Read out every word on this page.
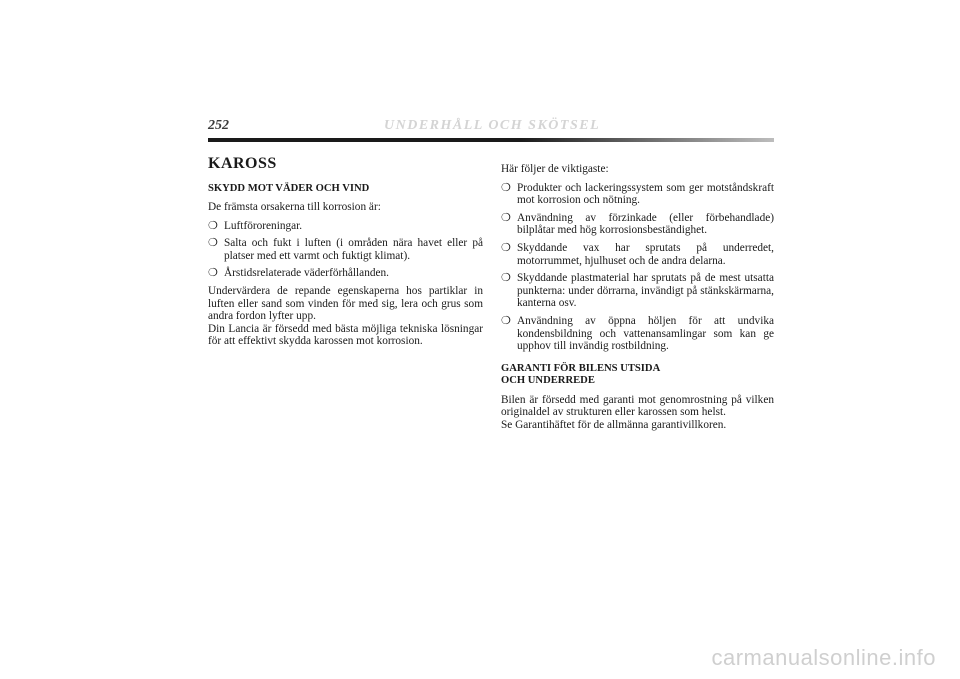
252	UNDERHÅLL OCH SKÖTSEL
KAROSS
SKYDD MOT VÄDER OCH VIND

De främsta orsakerna till korrosion är:

❍ Luftföroreningar.
❍ Salta och fukt i luften (i områden nära havet eller på platser med ett varmt och fuktigt klimat).
❍ Årstidsrelaterade väderförhållanden.

Undervärdera de repande egenskaperna hos partiklar in luften eller sand som vinden för med sig, lera och grus som andra fordon lyfter upp.

Din Lancia är försedd med bästa möjliga tekniska lösningar för att effektivt skydda karossen mot korrosion.

Här följer de viktigaste:

❍ Produkter och lackeringssystem som ger motståndskraft mot korrosion och nötning.
❍ Användning av förzinkade (eller förbehandlade) bilplåtar med hög korrosionsbeständighet.
❍ Skyddande vax har sprutats på underredet, motorrummet, hjulhuset och de andra delarna.
❍ Skyddande plastmaterial har sprutats på de mest utsatta punkterna: under dörrarna, invändigt på stänkskärmarna, kanterna osv.
❍ Användning av öppna höljen för att undvika kondensbildning och vattenansamlingar som kan ge upphov till invändig rostbildning.
GARANTI FÖR BILENS UTSIDA
OCH UNDERREDE

Bilen är försedd med garanti mot genomrostning på vilken originaldel av strukturen eller karossen som helst.

Se Garantihäftet för de allmänna garantivillkoren.

carmanualsonline.info
